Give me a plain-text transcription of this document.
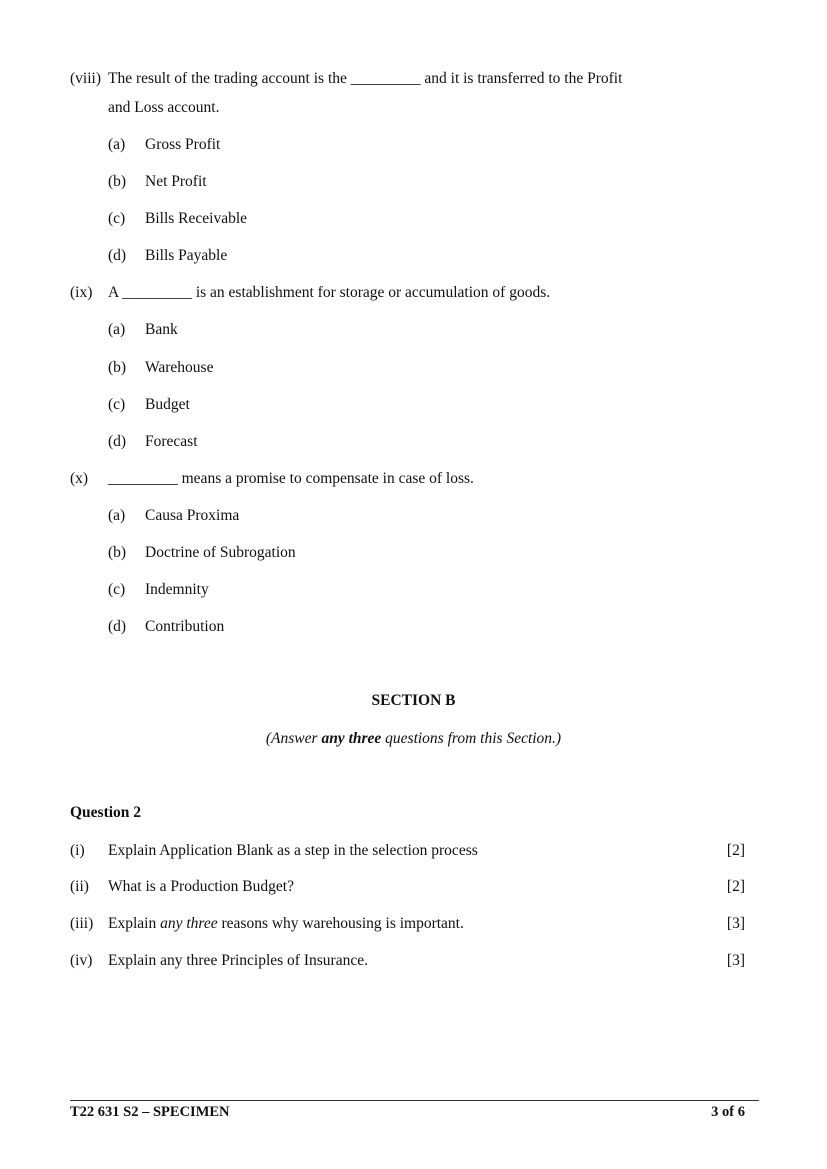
(viii) The result of the trading account is the _________ and it is transferred to the Profit
and Loss account.
(a) Gross Profit
(b) Net Profit
(c) Bills Receivable
(d) Bills Payable
(ix) A _________ is an establishment for storage or accumulation of goods.
(a) Bank
(b) Warehouse
(c) Budget
(d) Forecast
(x) _________ means a promise to compensate in case of loss.
(a) Causa Proxima
(b) Doctrine of Subrogation
(c) Indemnity
(d) Contribution
SECTION B
(Answer any three questions from this Section.)
Question 2
(i) Explain Application Blank as a step in the selection process	[2]
(ii) What is a Production Budget?	[2]
(iii) Explain any three reasons why warehousing is important.	[3]
(iv) Explain any three Principles of Insurance.	[3]
T22 631 S2 – SPECIMEN	3 of 6
